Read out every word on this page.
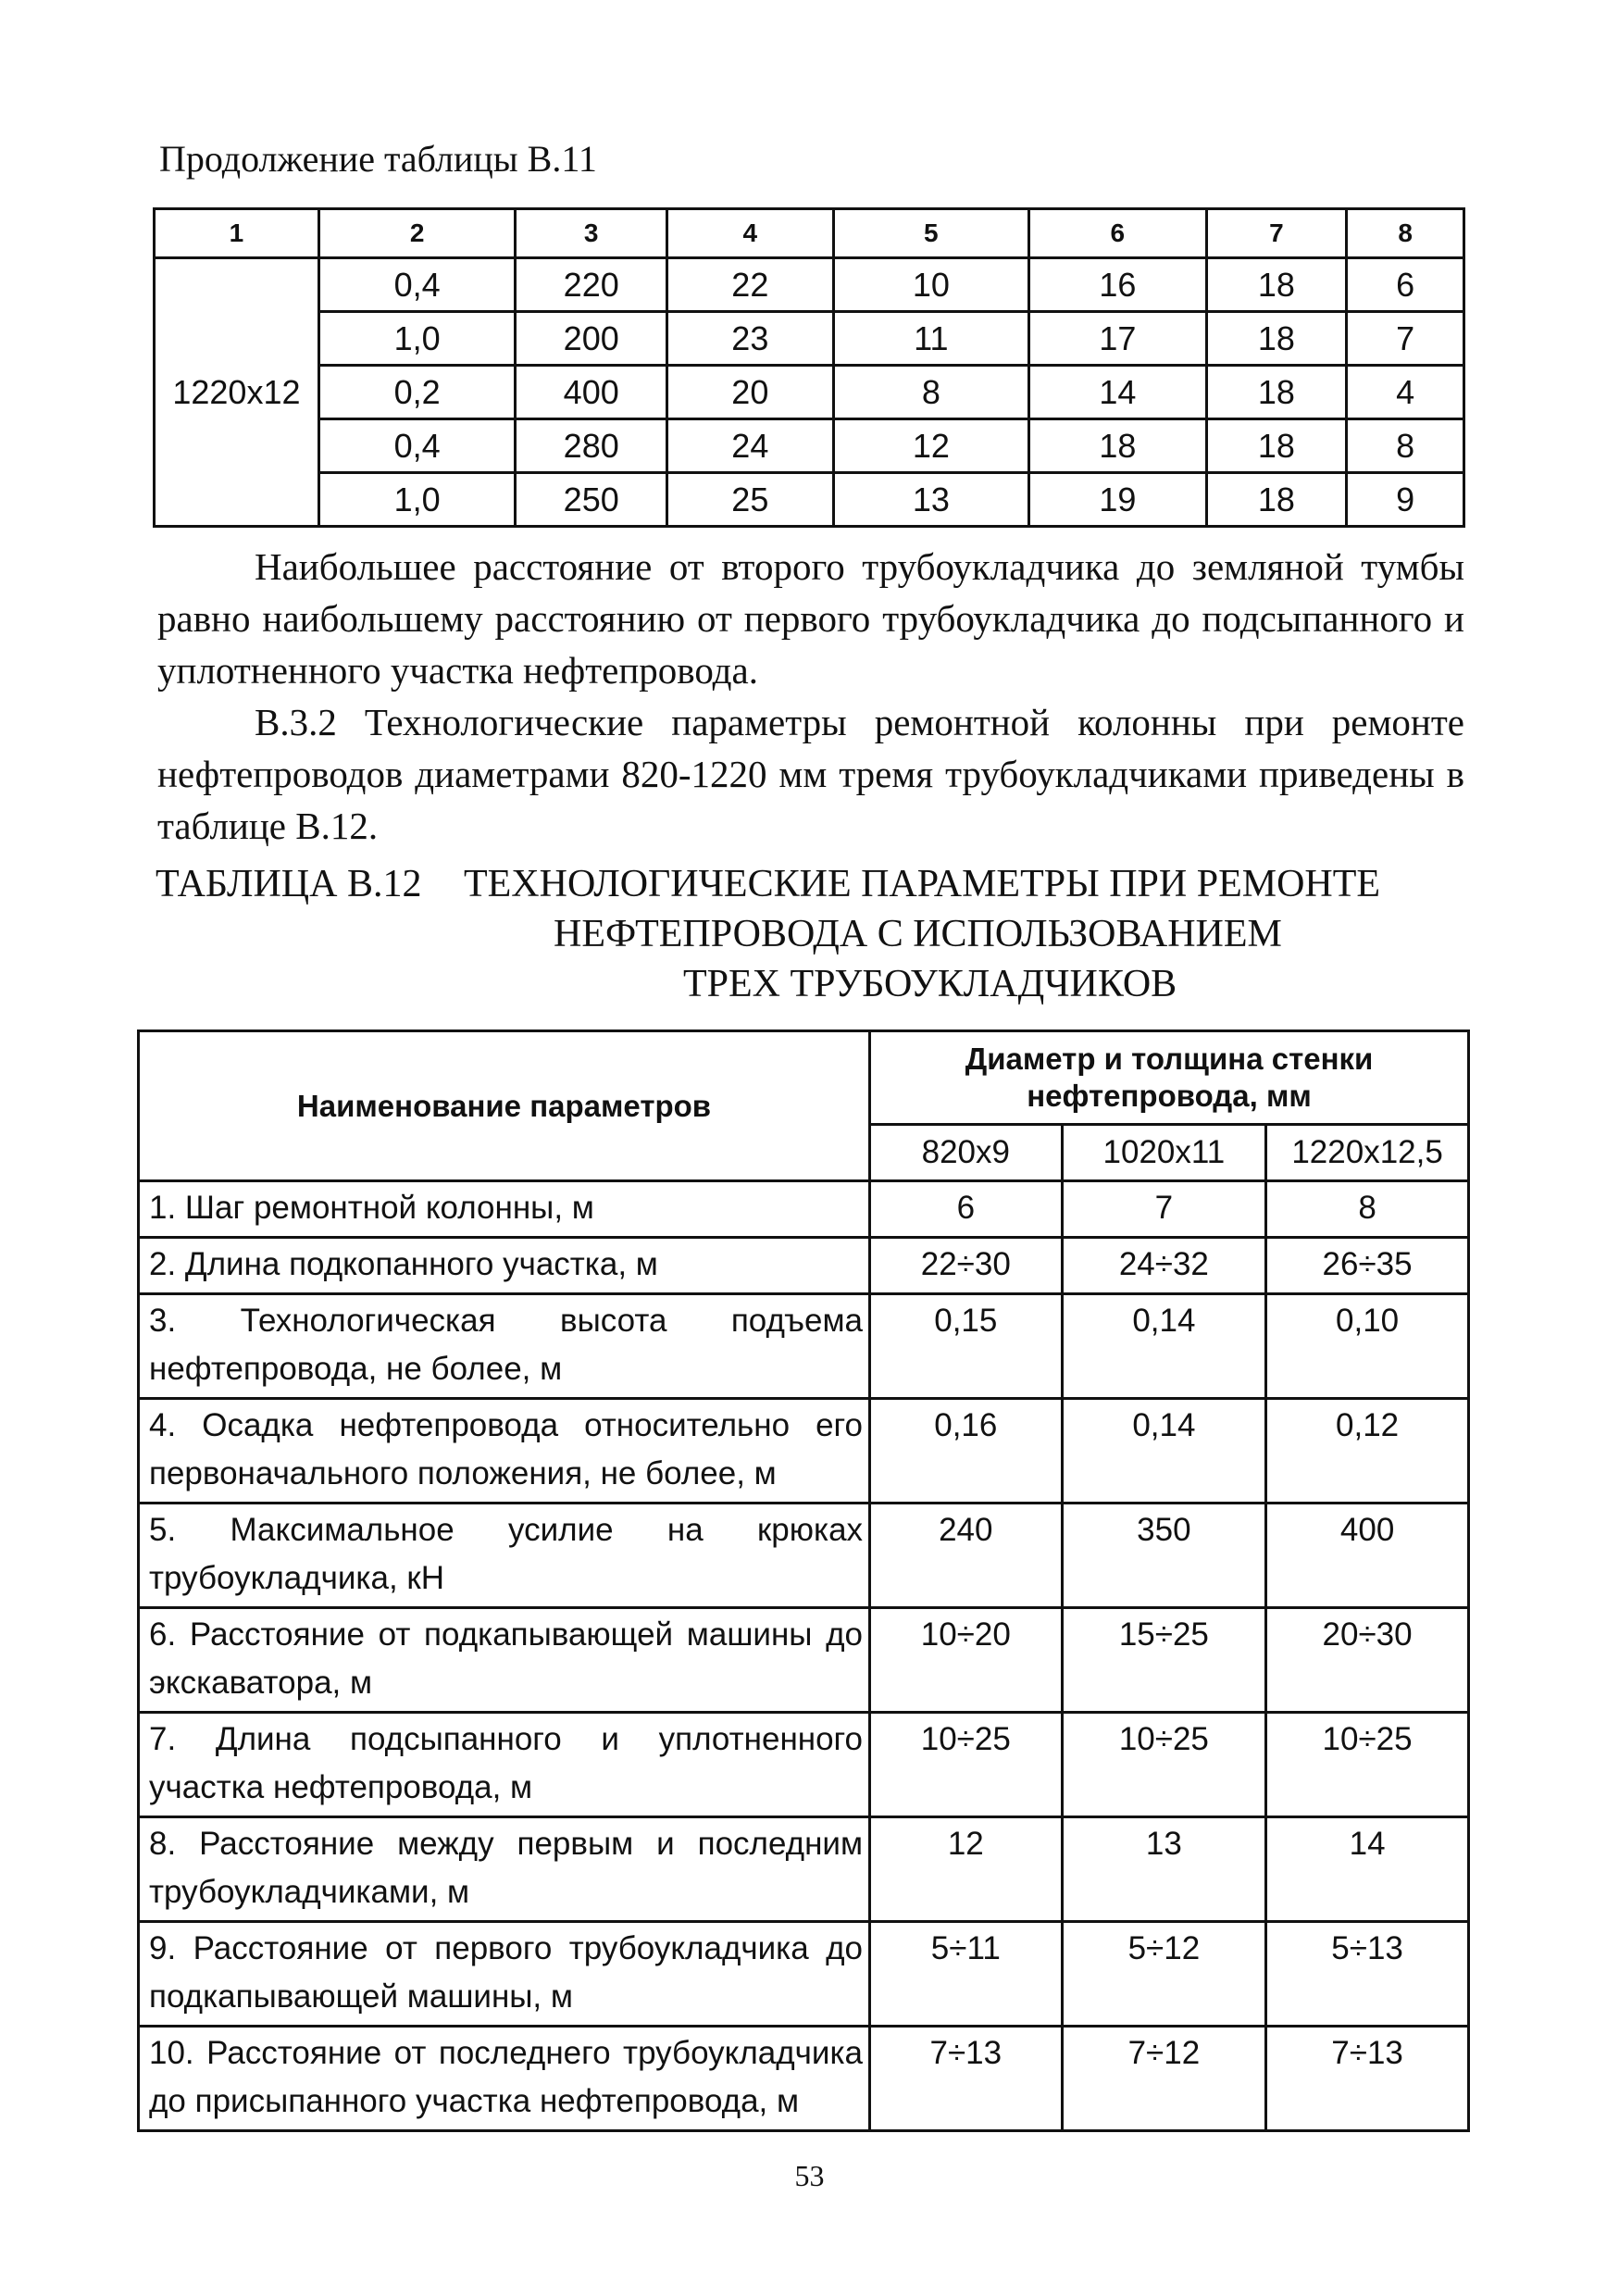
Продолжение таблицы В.11
1	2	3	4	5	6	7	8
1220x12	0,4	220	22	10	16	18	6
	1,0	200	23	11	17	18	7
	0,2	400	20	8	14	18	4
	0,4	280	24	12	18	18	8
	1,0	250	25	13	19	18	9

Наибольшее расстояние от второго трубоукладчика до земляной тумбы равно наибольшему расстоянию от первого трубоукладчика до подсыпанного и уплотненного участка нефтепровода.

В.3.2 Технологические параметры ремонтной колонны при ремонте нефтепроводов диаметрами 820-1220 мм тремя трубоукладчиками приведены в таблице В.12.

ТАБЛИЦА В.12	ТЕХНОЛОГИЧЕСКИЕ ПАРАМЕТРЫ ПРИ РЕМОНТЕ
НЕФТЕПРОВОДА С ИСПОЛЬЗОВАНИЕМ
ТРЕХ ТРУБОУКЛАДЧИКОВ
Наименование параметров	Диаметр и толщина стенки нефтепровода, мм		
	820x9	1020x11	1220x12,5
1. Шаг ремонтной колонны, м	6	7	8
2. Длина подкопанного участка, м	22÷30	24÷32	26÷35
3. Технологическая высота подъема нефтепровода, не более, м	0,15	0,14	0,10
4. Осадка нефтепровода относительно его первоначального положения, не более, м	0,16	0,14	0,12
5. Максимальное усилие на крюках трубоукладчика, кН	240	350	400
6. Расстояние от подкапывающей машины до экскаватора, м	10÷20	15÷25	20÷30
7. Длина подсыпанного и уплотненного участка нефтепровода, м	10÷25	10÷25	10÷25
8. Расстояние между первым и последним трубоукладчиками, м	12	13	14
9. Расстояние от первого трубоукладчика до подкапывающей машины, м	5÷11	5÷12	5÷13
10. Расстояние от последнего трубоукладчика до присыпанного участка нефтепровода, м	7÷13	7÷12	7÷13
53
